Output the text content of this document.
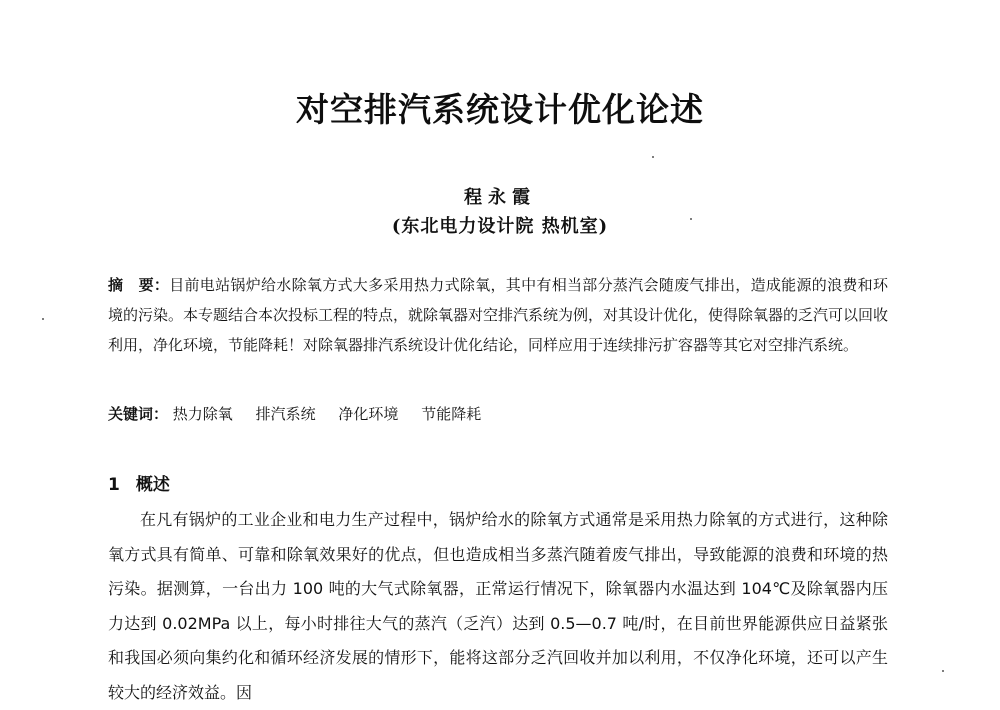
对空排汽系统设计优化论述
程永霞
(东北电力设计院 热机室)
摘　要：目前电站锅炉给水除氧方式大多采用热力式除氧，其中有相当部分蒸汽会随废气排出，造成能源的浪费和环境的污染。本专题结合本次投标工程的特点，就除氧器对空排汽系统为例，对其设计优化，使得除氧器的乏汽可以回收利用，净化环境，节能降耗！对除氧器排汽系统设计优化结论，同样应用于连续排污扩容器等其它对空排汽系统。
关键词： 热力除氧 排汽系统 净化环境 节能降耗
1 概述
在凡有锅炉的工业企业和电力生产过程中，锅炉给水的除氧方式通常是采用热力除氧的方式进行，这种除氧方式具有简单、可靠和除氧效果好的优点，但也造成相当多蒸汽随着废气排出，导致能源的浪费和环境的热污染。据测算，一台出力 100 吨的大气式除氧器，正常运行情况下，除氧器内水温达到 104℃及除氧器内压力达到 0.02MPa 以上，每小时排往大气的蒸汽（乏汽）达到 0.5—0.7 吨/时，在目前世界能源供应日益紧张和我国必须向集约化和循环经济发展的情形下，能将这部分乏汽回收并加以利用，不仅净化环境，还可以产生较大的经济效益。因
